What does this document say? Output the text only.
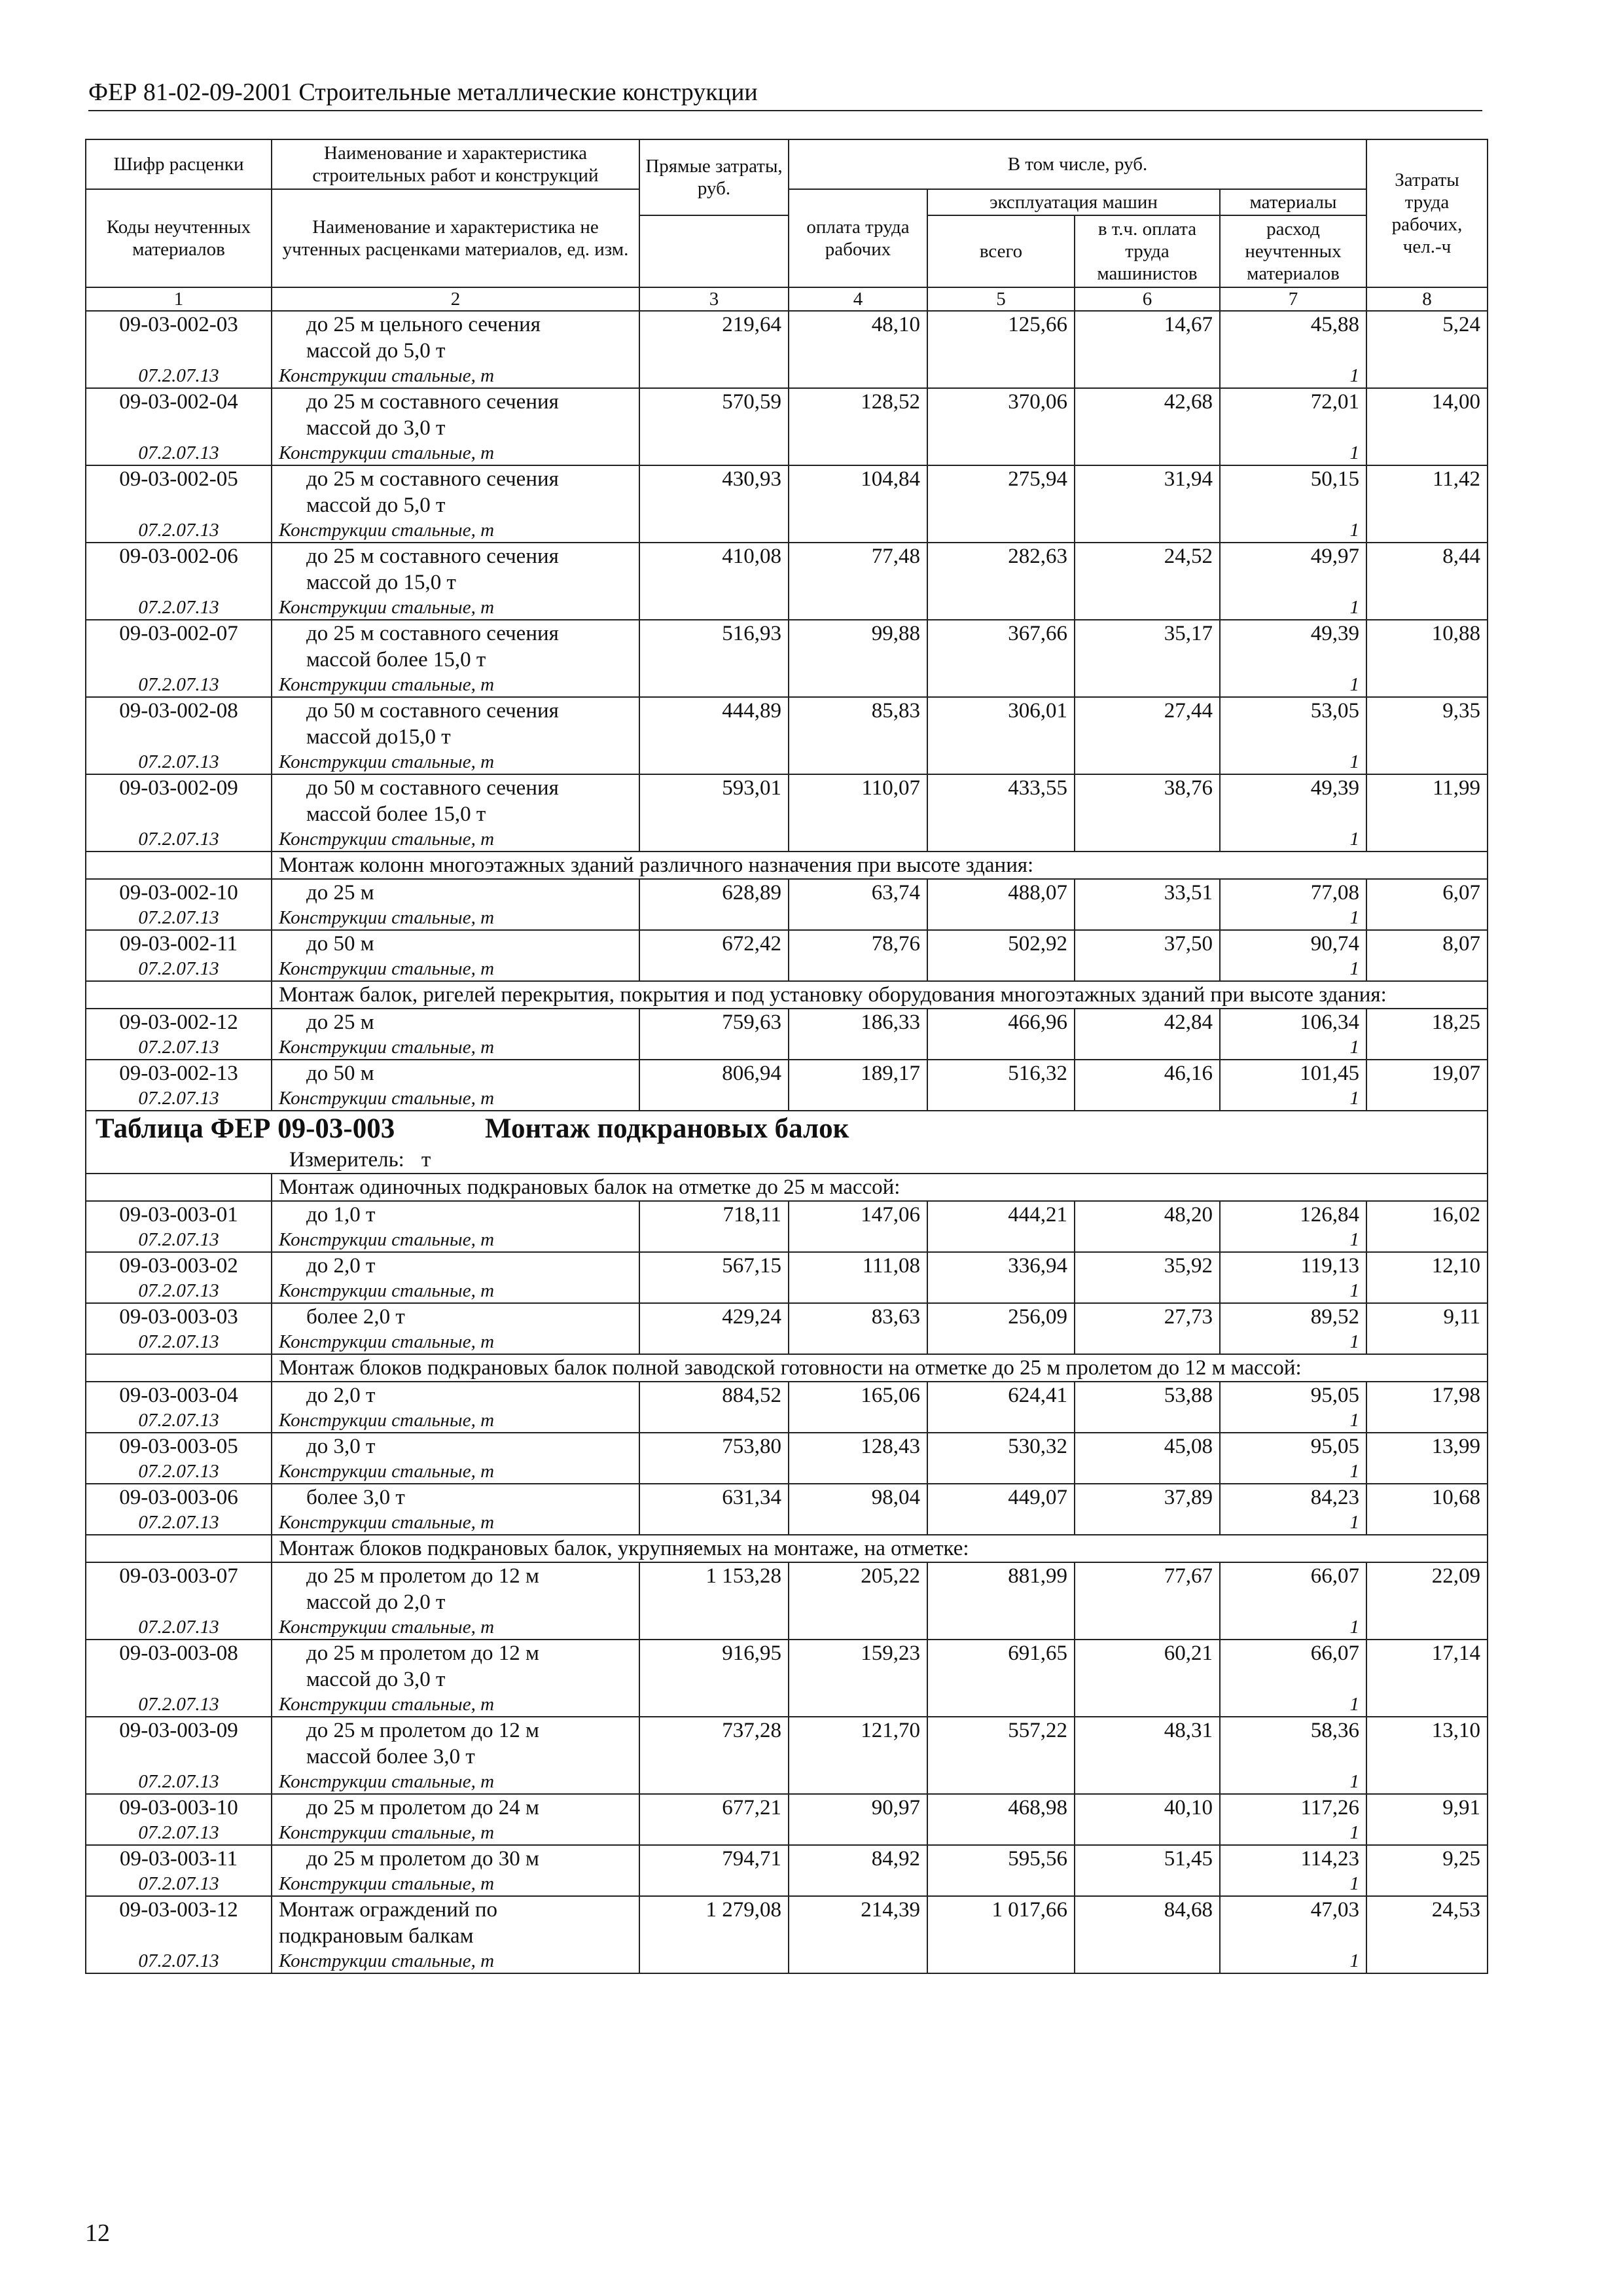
ФЕР 81-02-09-2001 Строительные металлические конструкции
Шифр расценки	Наименование и характеристика строительных работ и конструкций	Прямые затраты, руб.	В том числе, руб.				Затраты труда рабочих, чел.-ч
Коды неучтенных материалов	Наименование и характеристика не учтенных расценками материалов, ед. изм.						
			оплата труда рабочих	эксплуатация машин		материалы	
				всего	в т.ч. оплата труда машинистов	расход неучтенных материалов	
1	2	3	4	5	6	7	8
09-03-002-03	до 25 м цельного сечения	219,64	48,10	125,66	14,67	45,88	5,24
	массой до 5,0 т						
07.2.07.13	Конструкции стальные, т					1	
09-03-002-04	до 25 м составного сечения	570,59	128,52	370,06	42,68	72,01	14,00
	массой до 3,0 т						
07.2.07.13	Конструкции стальные, т					1	
09-03-002-05	до 25 м составного сечения	430,93	104,84	275,94	31,94	50,15	11,42
	массой до 5,0 т						
07.2.07.13	Конструкции стальные, т					1	
09-03-002-06	до 25 м составного сечения	410,08	77,48	282,63	24,52	49,97	8,44
	массой до 15,0 т						
07.2.07.13	Конструкции стальные, т					1	
09-03-002-07	до 25 м составного сечения	516,93	99,88	367,66	35,17	49,39	10,88
	массой более 15,0 т						
07.2.07.13	Конструкции стальные, т					1	
09-03-002-08	до 50 м составного сечения	444,89	85,83	306,01	27,44	53,05	9,35
	массой до15,0 т						
07.2.07.13	Конструкции стальные, т					1	
09-03-002-09	до 50 м составного сечения	593,01	110,07	433,55	38,76	49,39	11,99
	массой более 15,0 т						
07.2.07.13	Конструкции стальные, т					1	
	Монтаж колонн многоэтажных зданий различного назначения при высоте здания:						
09-03-002-10	до 25 м	628,89	63,74	488,07	33,51	77,08	6,07
07.2.07.13	Конструкции стальные, т					1	
09-03-002-11	до 50 м	672,42	78,76	502,92	37,50	90,74	8,07
07.2.07.13	Конструкции стальные, т					1	
	Монтаж балок, ригелей перекрытия, покрытия и под установку оборудования многоэтажных зданий при высоте здания:						
09-03-002-12	до 25 м	759,63	186,33	466,96	42,84	106,34	18,25
07.2.07.13	Конструкции стальные, т					1	
09-03-002-13	до 50 м	806,94	189,17	516,32	46,16	101,45	19,07
07.2.07.13	Конструкции стальные, т					1	
Таблица ФЕР 09-03-003 Монтаж подкрановых балок							
Измеритель: т							
	Монтаж одиночных подкрановых балок на отметке до 25 м массой:						
09-03-003-01	до 1,0 т	718,11	147,06	444,21	48,20	126,84	16,02
07.2.07.13	Конструкции стальные, т					1	
09-03-003-02	до 2,0 т	567,15	111,08	336,94	35,92	119,13	12,10
07.2.07.13	Конструкции стальные, т					1	
09-03-003-03	более 2,0 т	429,24	83,63	256,09	27,73	89,52	9,11
07.2.07.13	Конструкции стальные, т					1	
	Монтаж блоков подкрановых балок полной заводской готовности на отметке до 25 м пролетом до 12 м массой:						
09-03-003-04	до 2,0 т	884,52	165,06	624,41	53,88	95,05	17,98
07.2.07.13	Конструкции стальные, т					1	
09-03-003-05	до 3,0 т	753,80	128,43	530,32	45,08	95,05	13,99
07.2.07.13	Конструкции стальные, т					1	
09-03-003-06	более 3,0 т	631,34	98,04	449,07	37,89	84,23	10,68
07.2.07.13	Конструкции стальные, т					1	
	Монтаж блоков подкрановых балок, укрупняемых на монтаже, на отметке:						
09-03-003-07	до 25 м пролетом до 12 м	1 153,28	205,22	881,99	77,67	66,07	22,09
	массой до 2,0 т						
07.2.07.13	Конструкции стальные, т					1	
09-03-003-08	до 25 м пролетом до 12 м	916,95	159,23	691,65	60,21	66,07	17,14
	массой до 3,0 т						
07.2.07.13	Конструкции стальные, т					1	
09-03-003-09	до 25 м пролетом до 12 м	737,28	121,70	557,22	48,31	58,36	13,10
	массой более 3,0 т						
07.2.07.13	Конструкции стальные, т					1	
09-03-003-10	до 25 м пролетом до 24 м	677,21	90,97	468,98	40,10	117,26	9,91
07.2.07.13	Конструкции стальные, т					1	
09-03-003-11	до 25 м пролетом до 30 м	794,71	84,92	595,56	51,45	114,23	9,25
07.2.07.13	Конструкции стальные, т					1	
09-03-003-12	Монтаж ограждений по	1 279,08	214,39	1 017,66	84,68	47,03	24,53
	подкрановым балкам						
07.2.07.13	Конструкции стальные, т					1	
12
